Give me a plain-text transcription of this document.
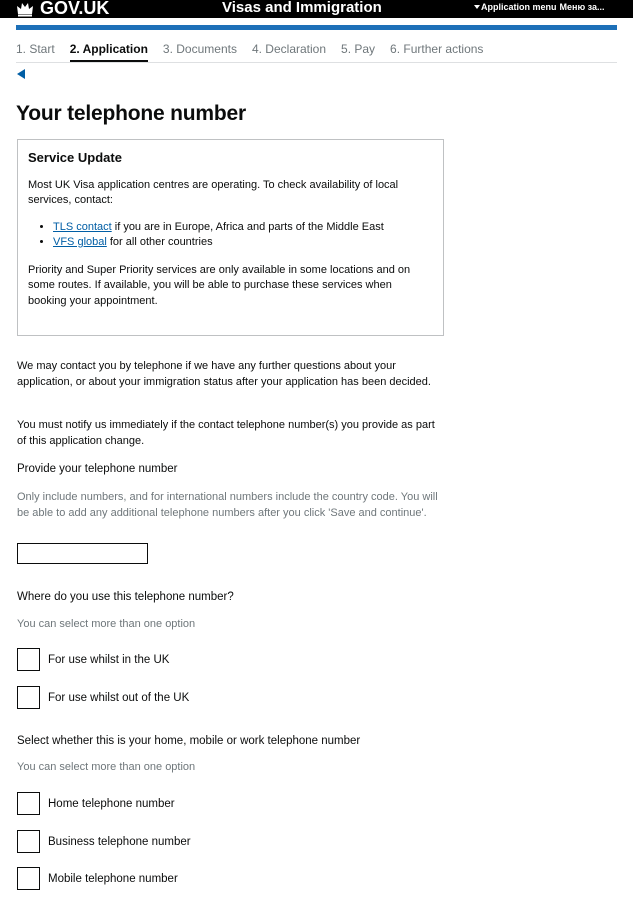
GOV.UK	Visas and Immigration	Application menu Меню за...
1. Start 2. Application 3. Documents 4. Declaration 5. Pay 6. Further actions
Your telephone number
Service Update

Most UK Visa application centres are operating. To check availability of local services, contact:

• TLS contact if you are in Europe, Africa and parts of the Middle East
• VFS global for all other countries

Priority and Super Priority services are only available in some locations and on some routes. If available, you will be able to purchase these services when booking your appointment.

We may contact you by telephone if we have any further questions about your application, or about your immigration status after your application has been decided.

You must notify us immediately if the contact telephone number(s) you provide as part of this application change.

Provide your telephone number

Only include numbers, and for international numbers include the country code. You will be able to add any additional telephone numbers after you click 'Save and continue'.

Where do you use this telephone number?

You can select more than one option

For use whilst in the UK
For use whilst out of the UK

Select whether this is your home, mobile or work telephone number

You can select more than one option

Home telephone number
Business telephone number
Mobile telephone number
